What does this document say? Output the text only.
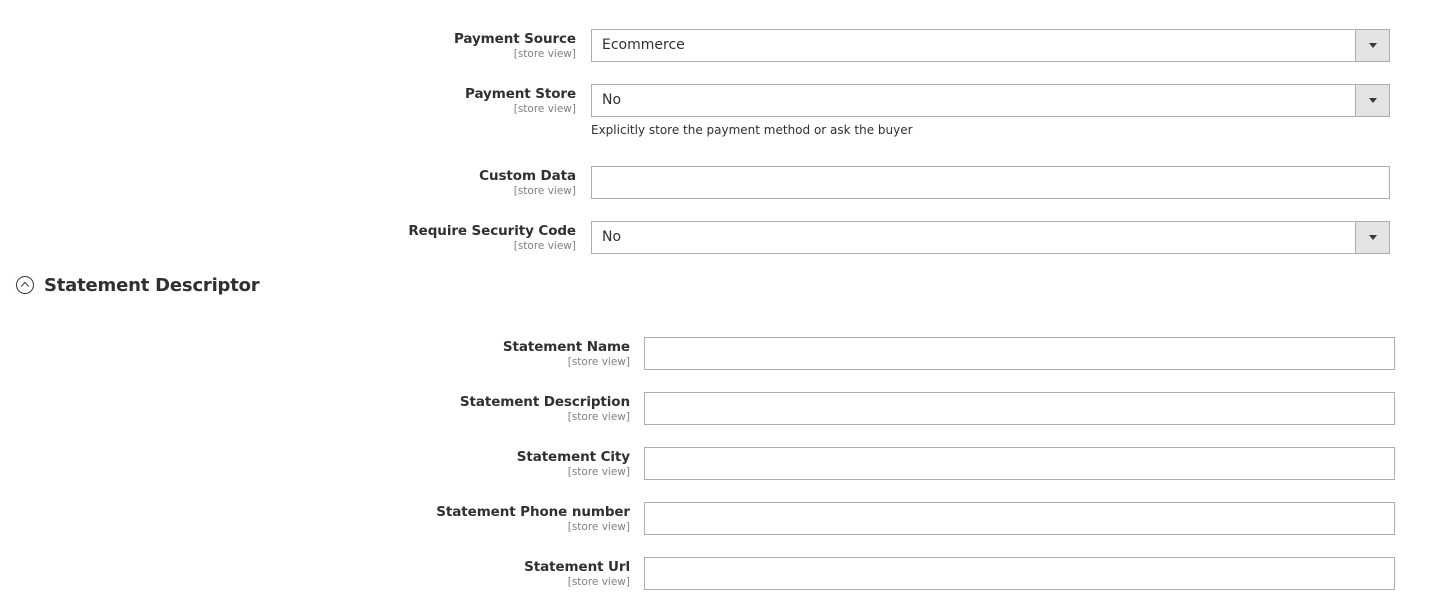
Payment Source
[store view]
Ecommerce
Payment Store
[store view]
No
Explicitly store the payment method or ask the buyer
Custom Data
[store view]
Require Security Code
[store view]
No
Statement Descriptor
Statement Name
[store view]
Statement Description
[store view]
Statement City
[store view]
Statement Phone number
[store view]
Statement Url
[store view]
